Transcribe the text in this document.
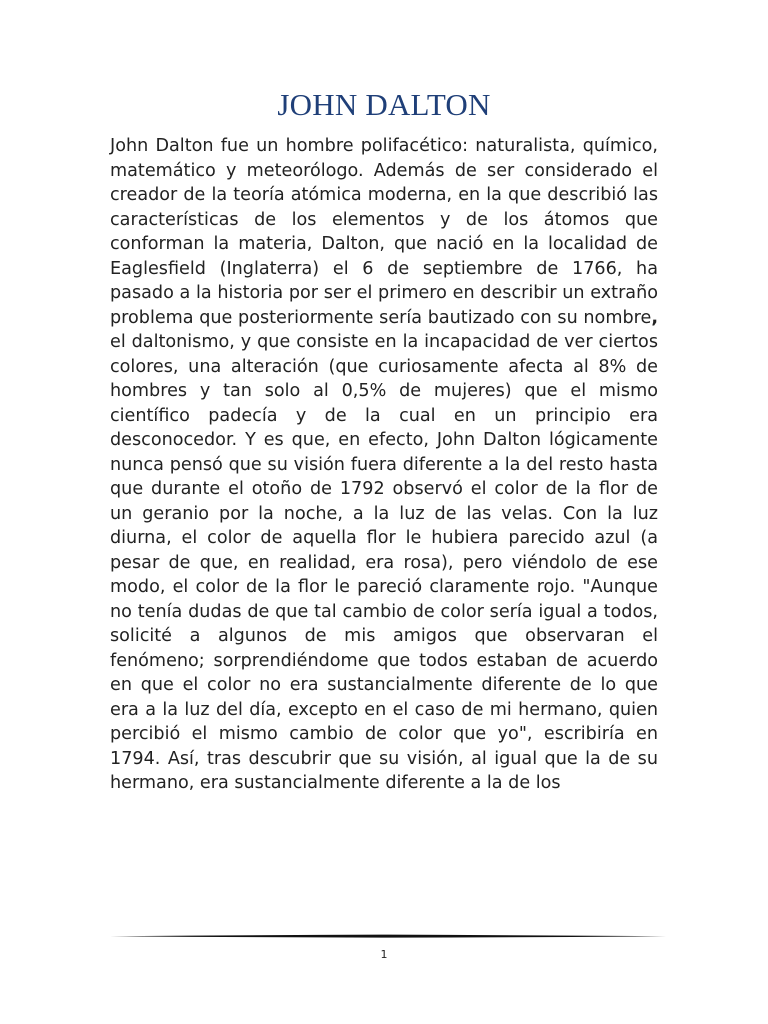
JOHN DALTON

John Dalton fue un hombre polifacético: naturalista, químico, matemático y meteorólogo. Además de ser considerado el creador de la teoría atómica moderna, en la que describió las características de los elementos y de los átomos que conforman la materia, Dalton, que nació en la localidad de Eaglesfield (Inglaterra) el 6 de septiembre de 1766, ha pasado a la historia por ser el primero en describir un extraño problema que posteriormente sería bautizado con su nombre, el daltonismo, y que consiste en la incapacidad de ver ciertos colores, una alteración (que curiosamente afecta al 8% de hombres y tan solo al 0,5% de mujeres) que el mismo científico padecía y de la cual en un principio era desconocedor. Y es que, en efecto, John Dalton lógicamente nunca pensó que su visión fuera diferente a la del resto hasta que durante el otoño de 1792 observó el color de la flor de un geranio por la noche, a la luz de las velas. Con la luz diurna, el color de aquella flor le hubiera parecido azul (a pesar de que, en realidad, era rosa), pero viéndolo de ese modo, el color de la flor le pareció claramente rojo. "Aunque no tenía dudas de que tal cambio de color sería igual a todos, solicité a algunos de mis amigos que observaran el fenómeno; sorprendiéndome que todos estaban de acuerdo en que el color no era sustancialmente diferente de lo que era a la luz del día, excepto en el caso de mi hermano, quien percibió el mismo cambio de color que yo", escribiría en 1794. Así, tras descubrir que su visión, al igual que la de su hermano, era sustancialmente diferente a la de los

1
